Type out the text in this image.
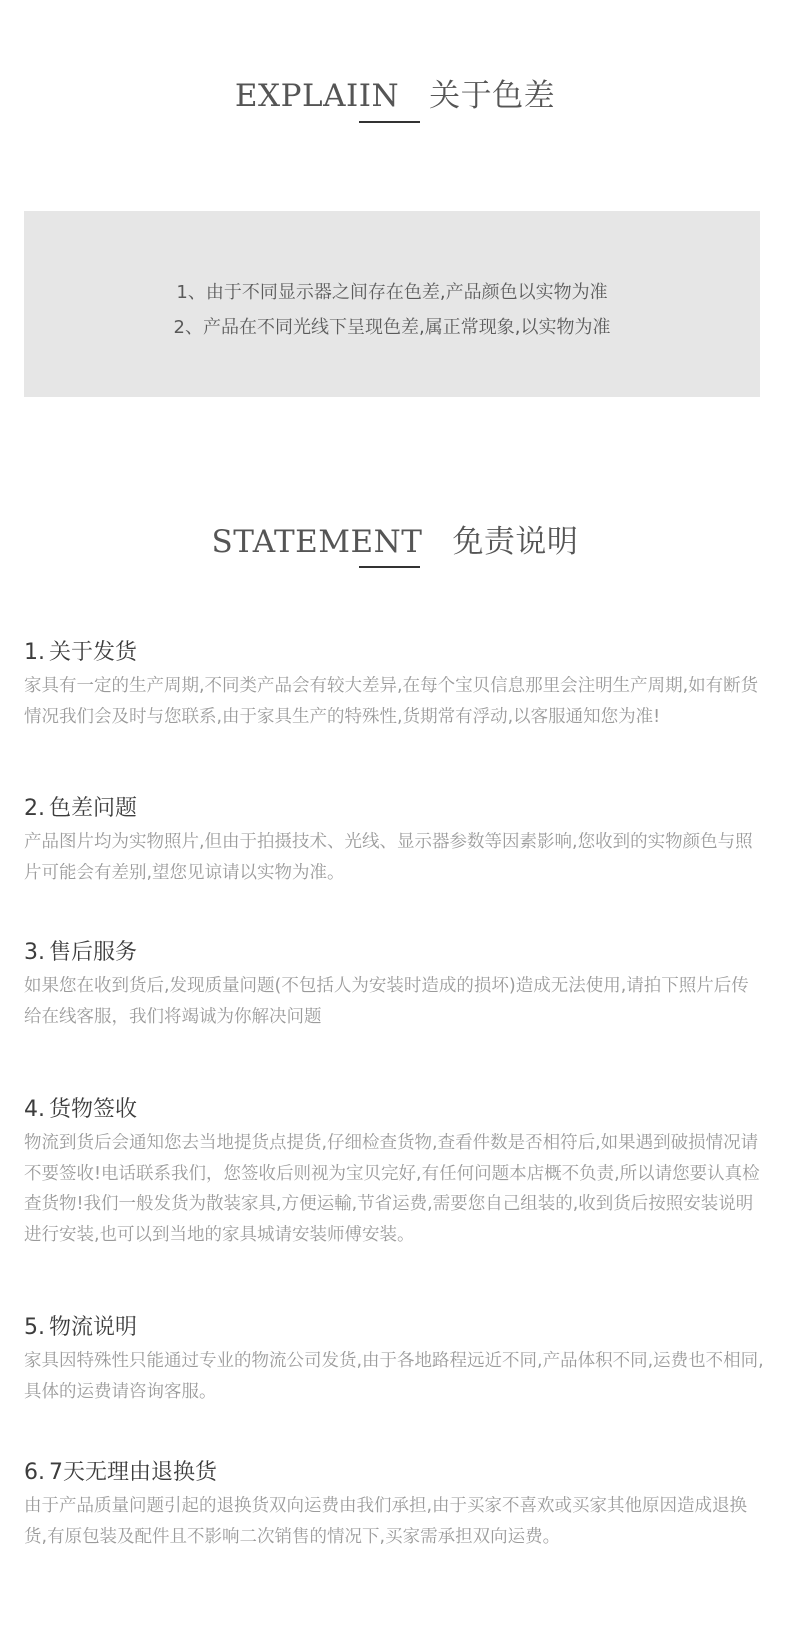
EXPLAIIN 关于色差
1、由于不同显示器之间存在色差,产品颜色以实物为准
2、产品在不同光线下呈现色差,属正常现象,以实物为准
STATEMENT 免责说明
1. 关于发货
家具有一定的生产周期,不同类产品会有较大差异,在每个宝贝信息那里会注明生产周期,如有断货情况我们会及时与您联系,由于家具生产的特殊性,货期常有浮动,以客服通知您为准!
2. 色差问题
产品图片均为实物照片,但由于拍摄技术、光线、显示器参数等因素影响,您收到的实物颜色与照片可能会有差别,望您见谅请以实物为准。
3. 售后服务
如果您在收到货后,发现质量问题(不包括人为安装时造成的损坏)造成无法使用,请拍下照片后传给在线客服，我们将竭诚为你解决问题
4. 货物签收
物流到货后会通知您去当地提货点提货,仔细检查货物,查看件数是否相符后,如果遇到破损情况请不要签收!电话联系我们，您签收后则视为宝贝完好,有任何问题本店概不负责,所以请您要认真检查货物!我们一般发货为散装家具,方便运輸,节省运费,需要您自己组装的,收到货后按照安装说明进行安装,也可以到当地的家具城请安装师傅安装。
5. 物流说明
家具因特殊性只能通过专业的物流公司发货,由于各地路程远近不同,产品体积不同,运费也不相同,具体的运费请咨询客服。
6. 7天无理由退换货
由于产品质量问题引起的退换货双向运费由我们承担,由于买家不喜欢或买家其他原因造成退换货,有原包装及配件且不影响二次销售的情况下,买家需承担双向运费。
